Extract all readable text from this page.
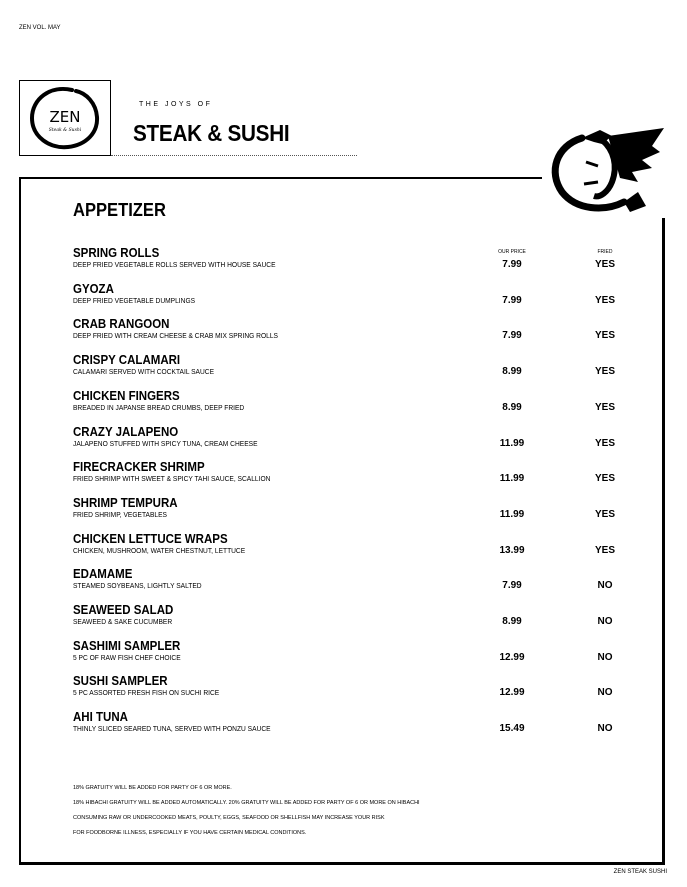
ZEN VOL. MAY
ZEN
Steak & Sushi
THE JOYS OF
STEAK & SUSHI
APPETIZER
OUR PRICE	FRIED
SPRING ROLLS
DEEP FRIED VEGETABLE ROLLS SERVED WITH HOUSE SAUCE	7.99	YES
GYOZA
DEEP FRIED VEGETABLE DUMPLINGS	7.99	YES
CRAB RANGOON
DEEP FRIED WITH CREAM CHEESE & CRAB MIX SPRING ROLLS	7.99	YES
CRISPY CALAMARI
CALAMARI SERVED WITH COCKTAIL SAUCE	8.99	YES
CHICKEN FINGERS
BREADED IN JAPANSE BREAD CRUMBS, DEEP FRIED	8.99	YES
CRAZY JALAPENO
JALAPENO STUFFED WITH SPICY TUNA, CREAM CHEESE	11.99	YES
FIRECRACKER SHRIMP
FRIED SHRIMP WITH SWEET & SPICY TAHI SAUCE, SCALLION	11.99	YES
SHRIMP TEMPURA
FRIED SHRIMP, VEGETABLES	11.99	YES
CHICKEN LETTUCE WRAPS
CHICKEN, MUSHROOM, WATER CHESTNUT, LETTUCE	13.99	YES
EDAMAME
STEAMED SOYBEANS, LIGHTLY SALTED	7.99	NO
SEAWEED SALAD
SEAWEED & SAKE CUCUMBER	8.99	NO
SASHIMI SAMPLER
5 PC OF RAW FISH CHEF CHOICE	12.99	NO
SUSHI SAMPLER
5 PC ASSORTED FRESH FISH ON SUCHI RICE	12.99	NO
AHI TUNA
THINLY SLICED SEARED TUNA, SERVED WITH PONZU SAUCE	15.49	NO
18% GRATUITY WILL BE ADDED FOR PARTY OF 6 OR MORE.
18% HIBACHI GRATUITY WILL BE ADDED AUTOMATICALLY. 20% GRATUITY WILL BE ADDED FOR PARTY OF 6 OR MORE ON HIBACHI
CONSUMING RAW OR UNDERCOOKED MEATS, POULTY, EGGS, SEAFOOD OR SHELLFISH MAY INCREASE YOUR RISK
FOR FOODBORNE ILLNESS, ESPECIALLY IF YOU HAVE CERTAIN MEDICAL CONDITIONS.
ZEN STEAK SUSHI
